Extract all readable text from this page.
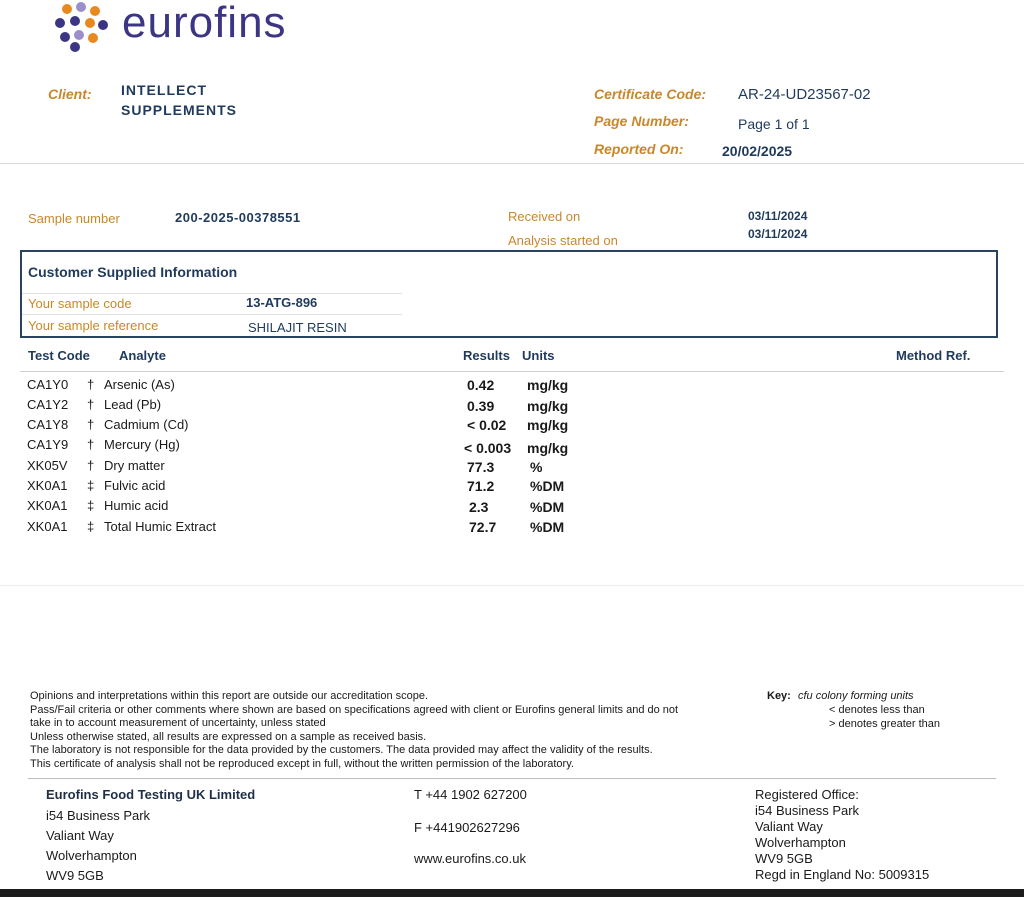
eurofins
Client: INTELLECT
SUPPLEMENTS
Certificate Code: AR-24-UD23567-02
Page Number:	Page 1 of 1
Reported On:	20/02/2025
Sample number	200-2025-00378551	Received on	03/11/2024
Analysis started on	03/11/2024
Customer Supplied Information
Your sample code	13-ATG-896
Your sample reference	SHILAJIT RESIN
Test Code Analyte	Results Units	Method Ref.
CA1Y0 † Arsenic (As)	0.42 mg/kg
CA1Y2 † Lead (Pb)	0.39 mg/kg
CA1Y8 † Cadmium (Cd)	< 0.02 mg/kg
CA1Y9 † Mercury (Hg)	< 0.003 mg/kg
XK05V † Dry matter	77.3	%
XK0A1 ‡ Fulvic acid	71.2	%DM
XK0A1 ‡ Humic acid	2.3	%DM
XK0A1 ‡ Total Humic Extract	72.7 %DM
Opinions and interpretations within this report are outside our accreditation scope.
Pass/Fail criteria or other comments where shown are based on specifications agreed with client or Eurofins general limits and do not
take in to account measurement of uncertainty, unless stated
Unless otherwise stated, all results are expressed on a sample as received basis.
The laboratory is not responsible for the data provided by the customers. The data provided may affect the validity of the results.
This certificate of analysis shall not be reproduced except in full, without the written permission of the laboratory.
Key: cfu colony forming units
< denotes less than
> denotes greater than
Eurofins Food Testing UK Limited
i54 Business Park
Valiant Way
Wolverhampton
WV9 5GB
T +44 1902 627200
F +441902627296
www.eurofins.co.uk
Registered Office:
i54 Business Park
Valiant Way
Wolverhampton
WV9 5GB
Regd in England No: 5009315
